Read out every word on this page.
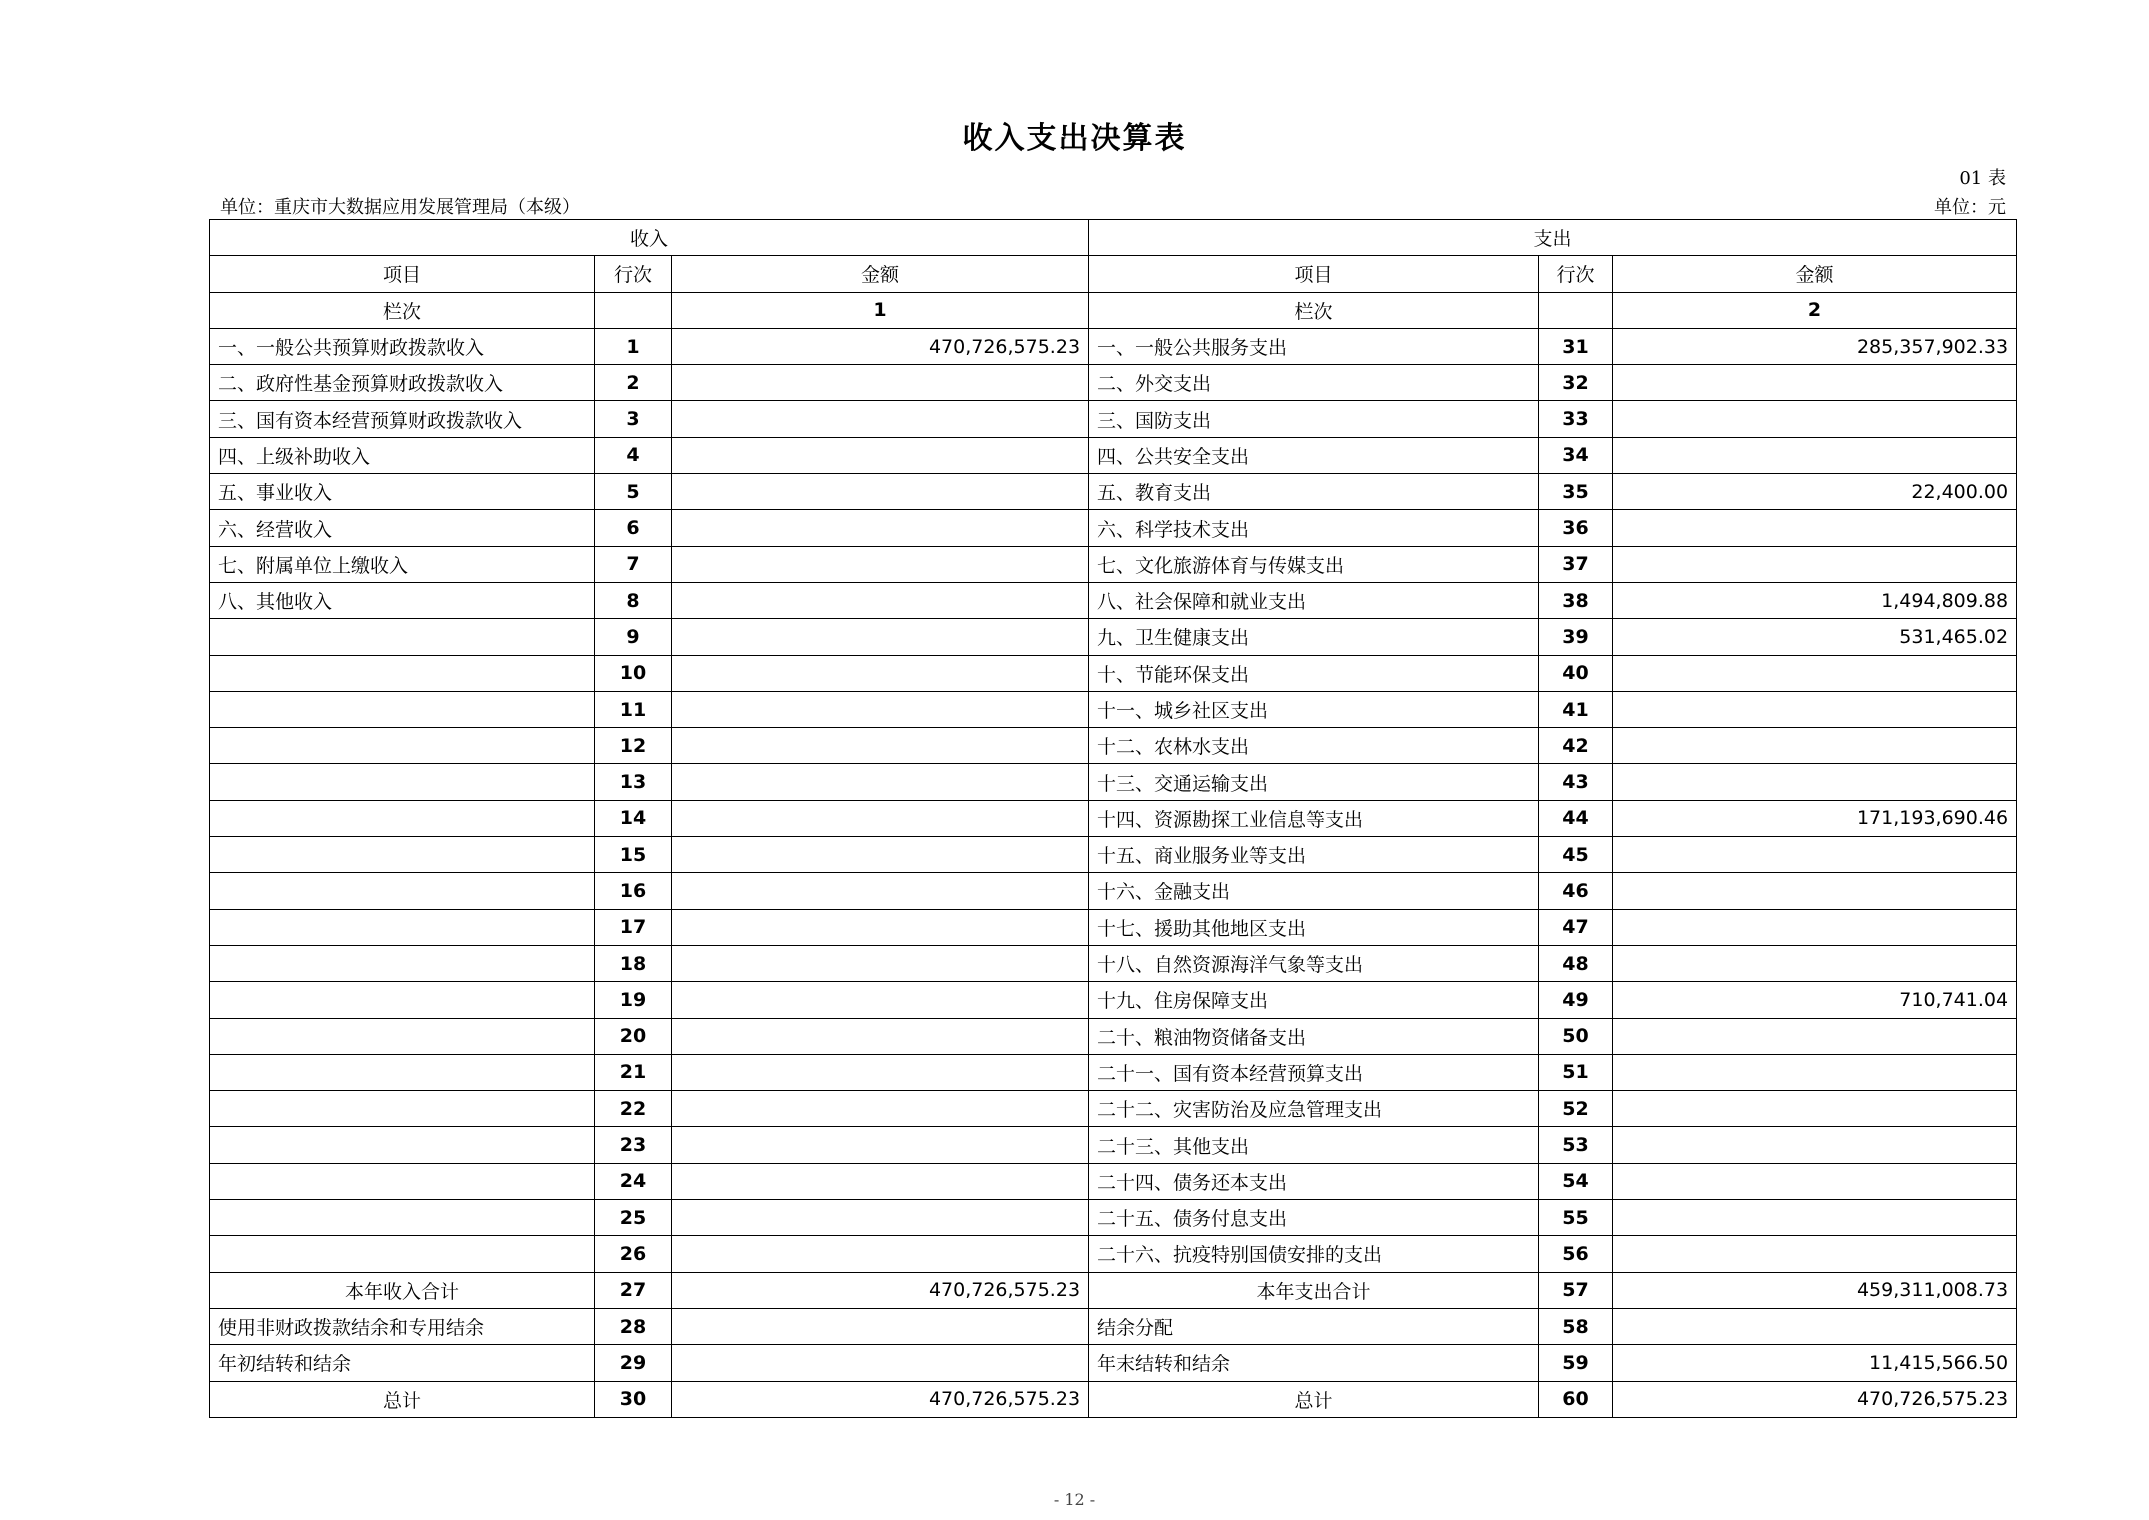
收入支出决算表
01 表
单位：重庆市大数据应用发展管理局（本级）	单位：元
收入			支出		
项目	行次	金额	项目	行次	金额
栏次		1	栏次		2
一、一般公共预算财政拨款收入	1	470,726,575.23	一、一般公共服务支出	31	285,357,902.33
二、政府性基金预算财政拨款收入	2		二、外交支出	32	
三、国有资本经营预算财政拨款收入	3		三、国防支出	33	
四、上级补助收入	4		四、公共安全支出	34	
五、事业收入	5		五、教育支出	35	22,400.00
六、经营收入	6		六、科学技术支出	36	
七、附属单位上缴收入	7		七、文化旅游体育与传媒支出	37	
八、其他收入	8		八、社会保障和就业支出	38	1,494,809.88
	9		九、卫生健康支出	39	531,465.02
	10		十、节能环保支出	40	
	11		十一、城乡社区支出	41	
	12		十二、农林水支出	42	
	13		十三、交通运输支出	43	
	14		十四、资源勘探工业信息等支出	44	171,193,690.46
	15		十五、商业服务业等支出	45	
	16		十六、金融支出	46	
	17		十七、援助其他地区支出	47	
	18		十八、自然资源海洋气象等支出	48	
	19		十九、住房保障支出	49	710,741.04
	20		二十、粮油物资储备支出	50	
	21		二十一、国有资本经营预算支出	51	
	22		二十二、灾害防治及应急管理支出	52	
	23		二十三、其他支出	53	
	24		二十四、债务还本支出	54	
	25		二十五、债务付息支出	55	
	26		二十六、抗疫特别国债安排的支出	56	
本年收入合计	27	470,726,575.23	本年支出合计	57	459,311,008.73
使用非财政拨款结余和专用结余	28		结余分配	58	
年初结转和结余	29		年末结转和结余	59	11,415,566.50
总计	30	470,726,575.23	总计	60	470,726,575.23
- 12 -
